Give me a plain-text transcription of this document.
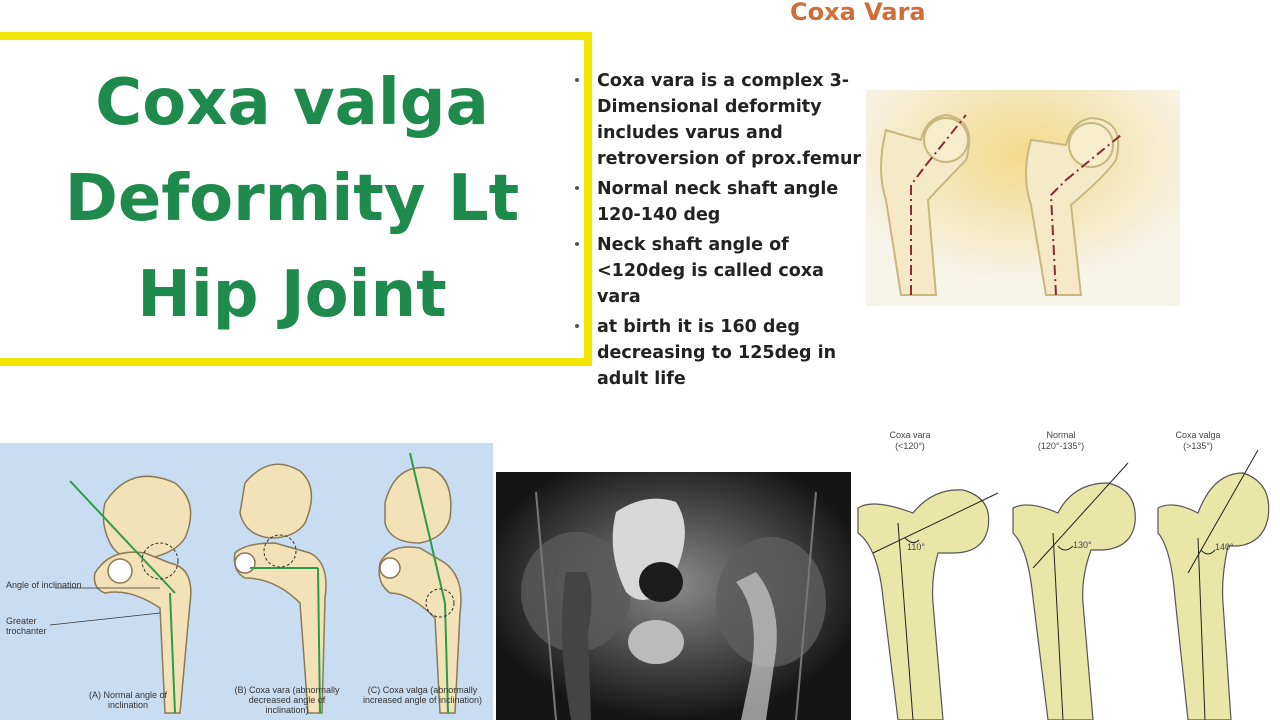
Coxa valga Deformity Lt Hip Joint

Coxa Vara
Coxa vara is a complex 3-Dimensional deformity includes varus and retroversion of prox.femur
Normal neck shaft angle 120-140 deg
Neck shaft angle of <120deg is called coxa vara
at birth it is 160 deg decreasing to 125deg in adult life
Angle of inclination
Greater trochanter
(A) Normal angle of inclination
(B) Coxa vara (abnormally decreased angle of inclination)
(C) Coxa valga (abnormally increased angle of inclination)
Coxa vara
(<120°)
Normal
(120°-135°)
Coxa valga
(>135°)
110°	130°	140°
